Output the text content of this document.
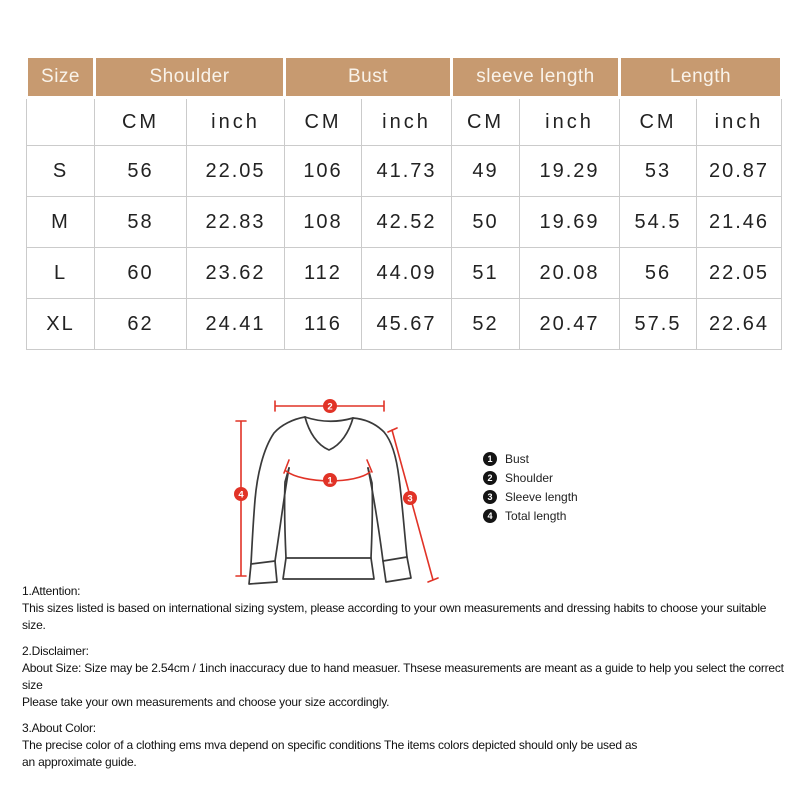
Size	Shoulder		Bust		sleeve length		Length	
	CM	inch	CM	inch	CM	inch	CM	inch
S	56	22.05	106	41.73	49	19.29	53	20.87
M	58	22.83	108	42.52	50	19.69	54.5	21.46
L	60	23.62	112	44.09	51	20.08	56	22.05
XL	62	24.41	116	45.67	52	20.47	57.5	22.64
2
4
1
3
1	Bust
2	Shoulder
3	Sleeve length
4	Total length
1.Attention:
This sizes listed is based on international sizing system, please according to your own measurements and dressing habits to choose your suitable size.
2.Disclaimer:
About Size: Size may be 2.54cm / 1inch inaccuracy due to hand measuer. Thsese measurements are meant as a guide to help you select the correct size
Please take your own measurements and choose your size accordingly.
3.About Color:
The precise color of a clothing ems mva depend on specific conditions The items colors depicted should only be used as
an approximate guide.
